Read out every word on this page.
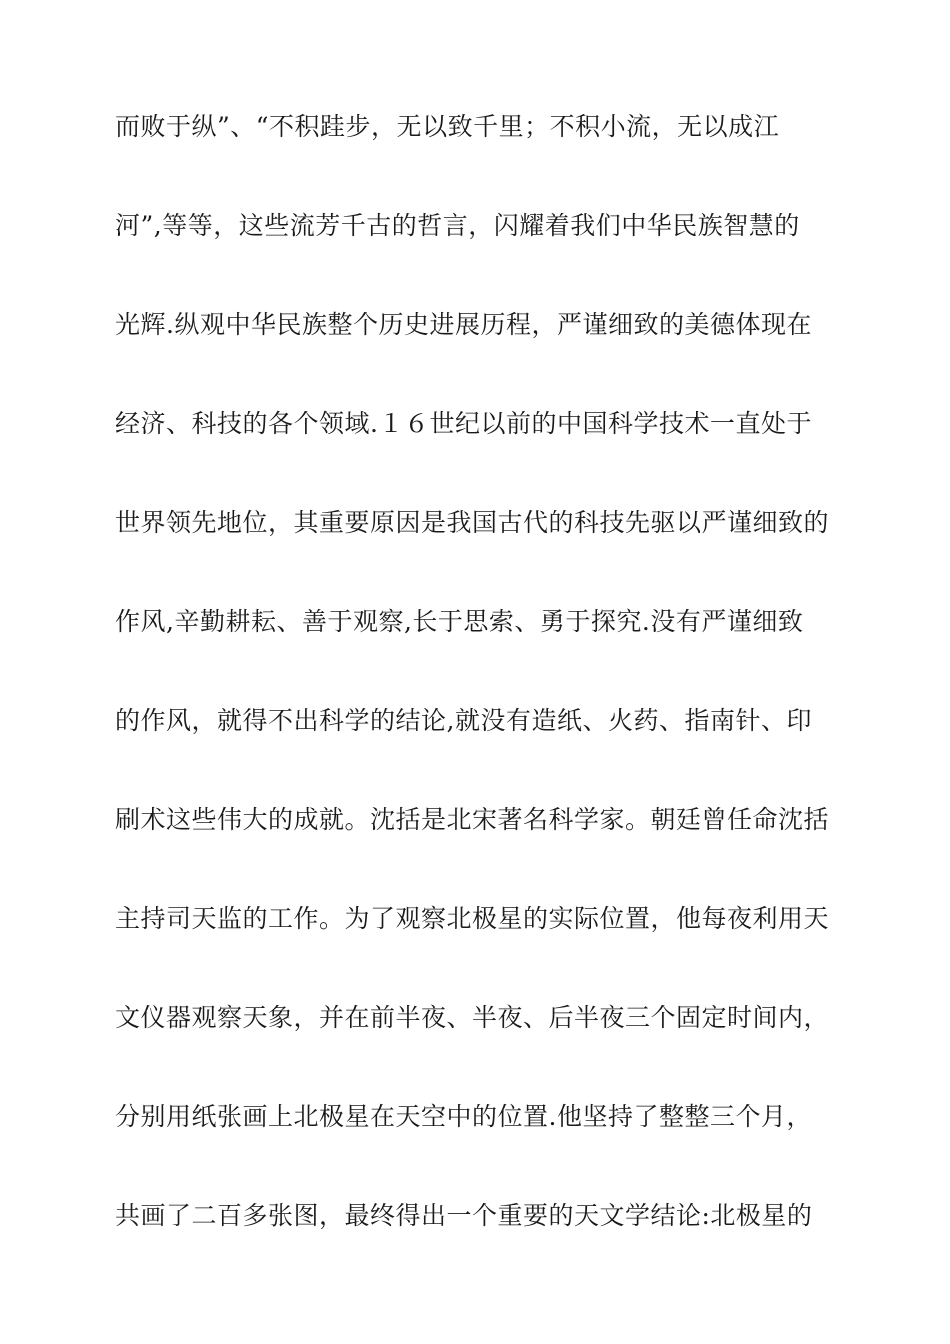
而败于纵”、“不积跬步，无以致千里；不积小流，无以成江
河”,等等，这些流芳千古的哲言，闪耀着我们中华民族智慧的
光辉.纵观中华民族整个历史进展历程，严谨细致的美德体现在
经济、科技的各个领域.１６世纪以前的中国科学技术一直处于
世界领先地位，其重要原因是我国古代的科技先驱以严谨细致的
作风,辛勤耕耘、善于观察,长于思索、勇于探究.没有严谨细致
的作风，就得不出科学的结论,就没有造纸、火药、指南针、印
刷术这些伟大的成就。沈括是北宋著名科学家。朝廷曾任命沈括
主持司天监的工作。为了观察北极星的实际位置，他每夜利用天
文仪器观察天象，并在前半夜、半夜、后半夜三个固定时间内，
分别用纸张画上北极星在天空中的位置.他坚持了整整三个月，
共画了二百多张图，最终得出一个重要的天文学结论:北极星的
